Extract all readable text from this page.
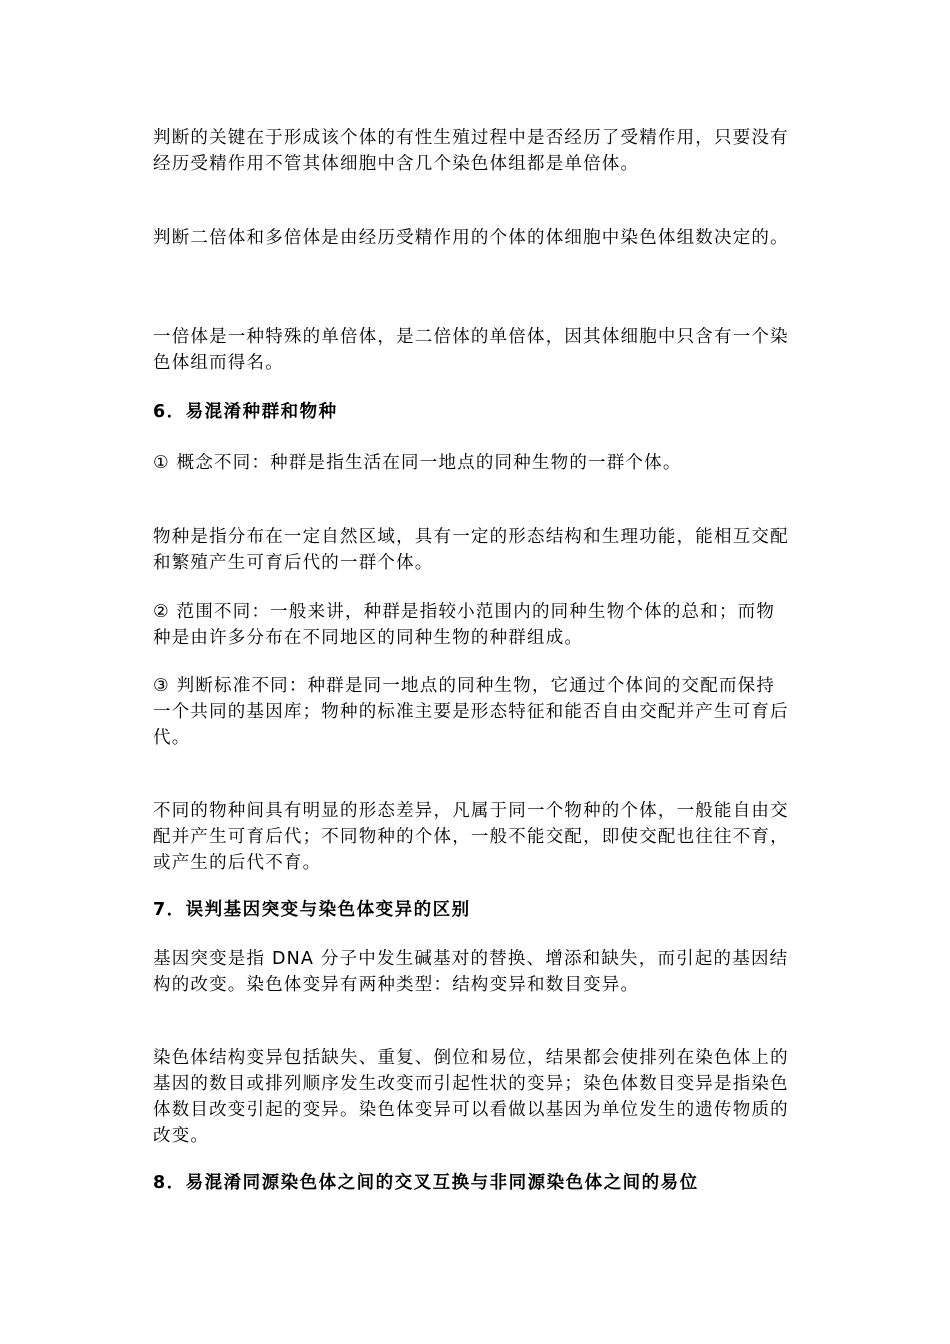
判断的关键在于形成该个体的有性生殖过程中是否经历了受精作用，只要没有经历受精作用不管其体细胞中含几个染色体组都是单倍体。

判断二倍体和多倍体是由经历受精作用的个体的体细胞中染色体组数决定的。

一倍体是一种特殊的单倍体，是二倍体的单倍体，因其体细胞中只含有一个染色体组而得名。

6．易混淆种群和物种

① 概念不同：种群是指生活在同一地点的同种生物的一群个体。

物种是指分布在一定自然区域，具有一定的形态结构和生理功能，能相互交配和繁殖产生可育后代的一群个体。

② 范围不同：一般来讲，种群是指较小范围内的同种生物个体的总和；而物种是由许多分布在不同地区的同种生物的种群组成。

③ 判断标准不同：种群是同一地点的同种生物，它通过个体间的交配而保持一个共同的基因库；物种的标准主要是形态特征和能否自由交配并产生可育后代。

不同的物种间具有明显的形态差异，凡属于同一个物种的个体，一般能自由交配并产生可育后代；不同物种的个体，一般不能交配，即使交配也往往不育，或产生的后代不育。

7．误判基因突变与染色体变异的区别

基因突变是指 DNA 分子中发生碱基对的替换、增添和缺失，而引起的基因结构的改变。染色体变异有两种类型：结构变异和数目变异。

染色体结构变异包括缺失、重复、倒位和易位，结果都会使排列在染色体上的基因的数目或排列顺序发生改变而引起性状的变异；染色体数目变异是指染色体数目改变引起的变异。染色体变异可以看做以基因为单位发生的遗传物质的改变。

8．易混淆同源染色体之间的交叉互换与非同源染色体之间的易位
